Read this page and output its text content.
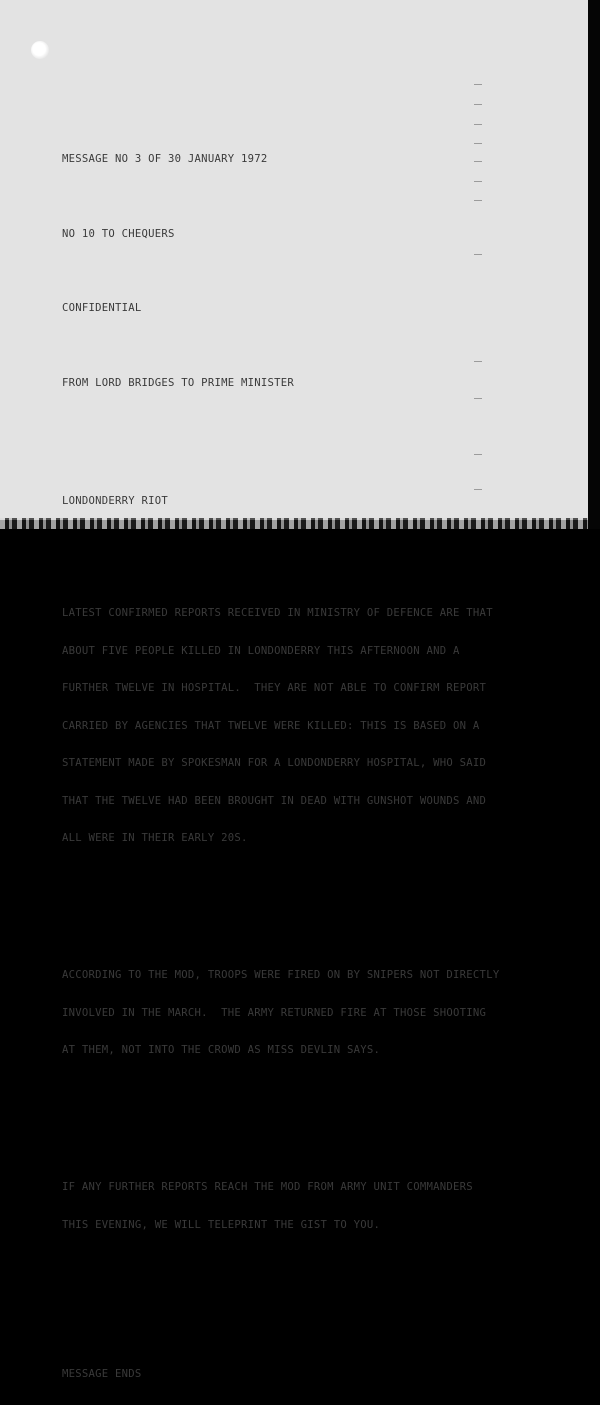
MESSAGE NO 3 OF 30 JANUARY 1972

NO 10 TO CHEQUERS

CONFIDENTIAL

FROM LORD BRIDGES TO PRIME MINISTER

LONDONDERRY RIOT

LATEST CONFIRMED REPORTS RECEIVED IN MINISTRY OF DEFENCE ARE THAT

ABOUT FIVE PEOPLE KILLED IN LONDONDERRY THIS AFTERNOON AND A

FURTHER TWELVE IN HOSPITAL.  THEY ARE NOT ABLE TO CONFIRM REPORT

CARRIED BY AGENCIES THAT TWELVE WERE KILLED: THIS IS BASED ON A

STATEMENT MADE BY SPOKESMAN FOR A LONDONDERRY HOSPITAL, WHO SAID

THAT THE TWELVE HAD BEEN BROUGHT IN DEAD WITH GUNSHOT WOUNDS AND

ALL WERE IN THEIR EARLY 20S.

ACCORDING TO THE MOD, TROOPS WERE FIRED ON BY SNIPERS NOT DIRECTLY

INVOLVED IN THE MARCH.  THE ARMY RETURNED FIRE AT THOSE SHOOTING

AT THEM, NOT INTO THE CROWD AS MISS DEVLIN SAYS.

IF ANY FURTHER REPORTS REACH THE MOD FROM ARMY UNIT COMMANDERS

THIS EVENING, WE WILL TELEPRINT THE GIST TO YOU.

MESSAGE ENDS
